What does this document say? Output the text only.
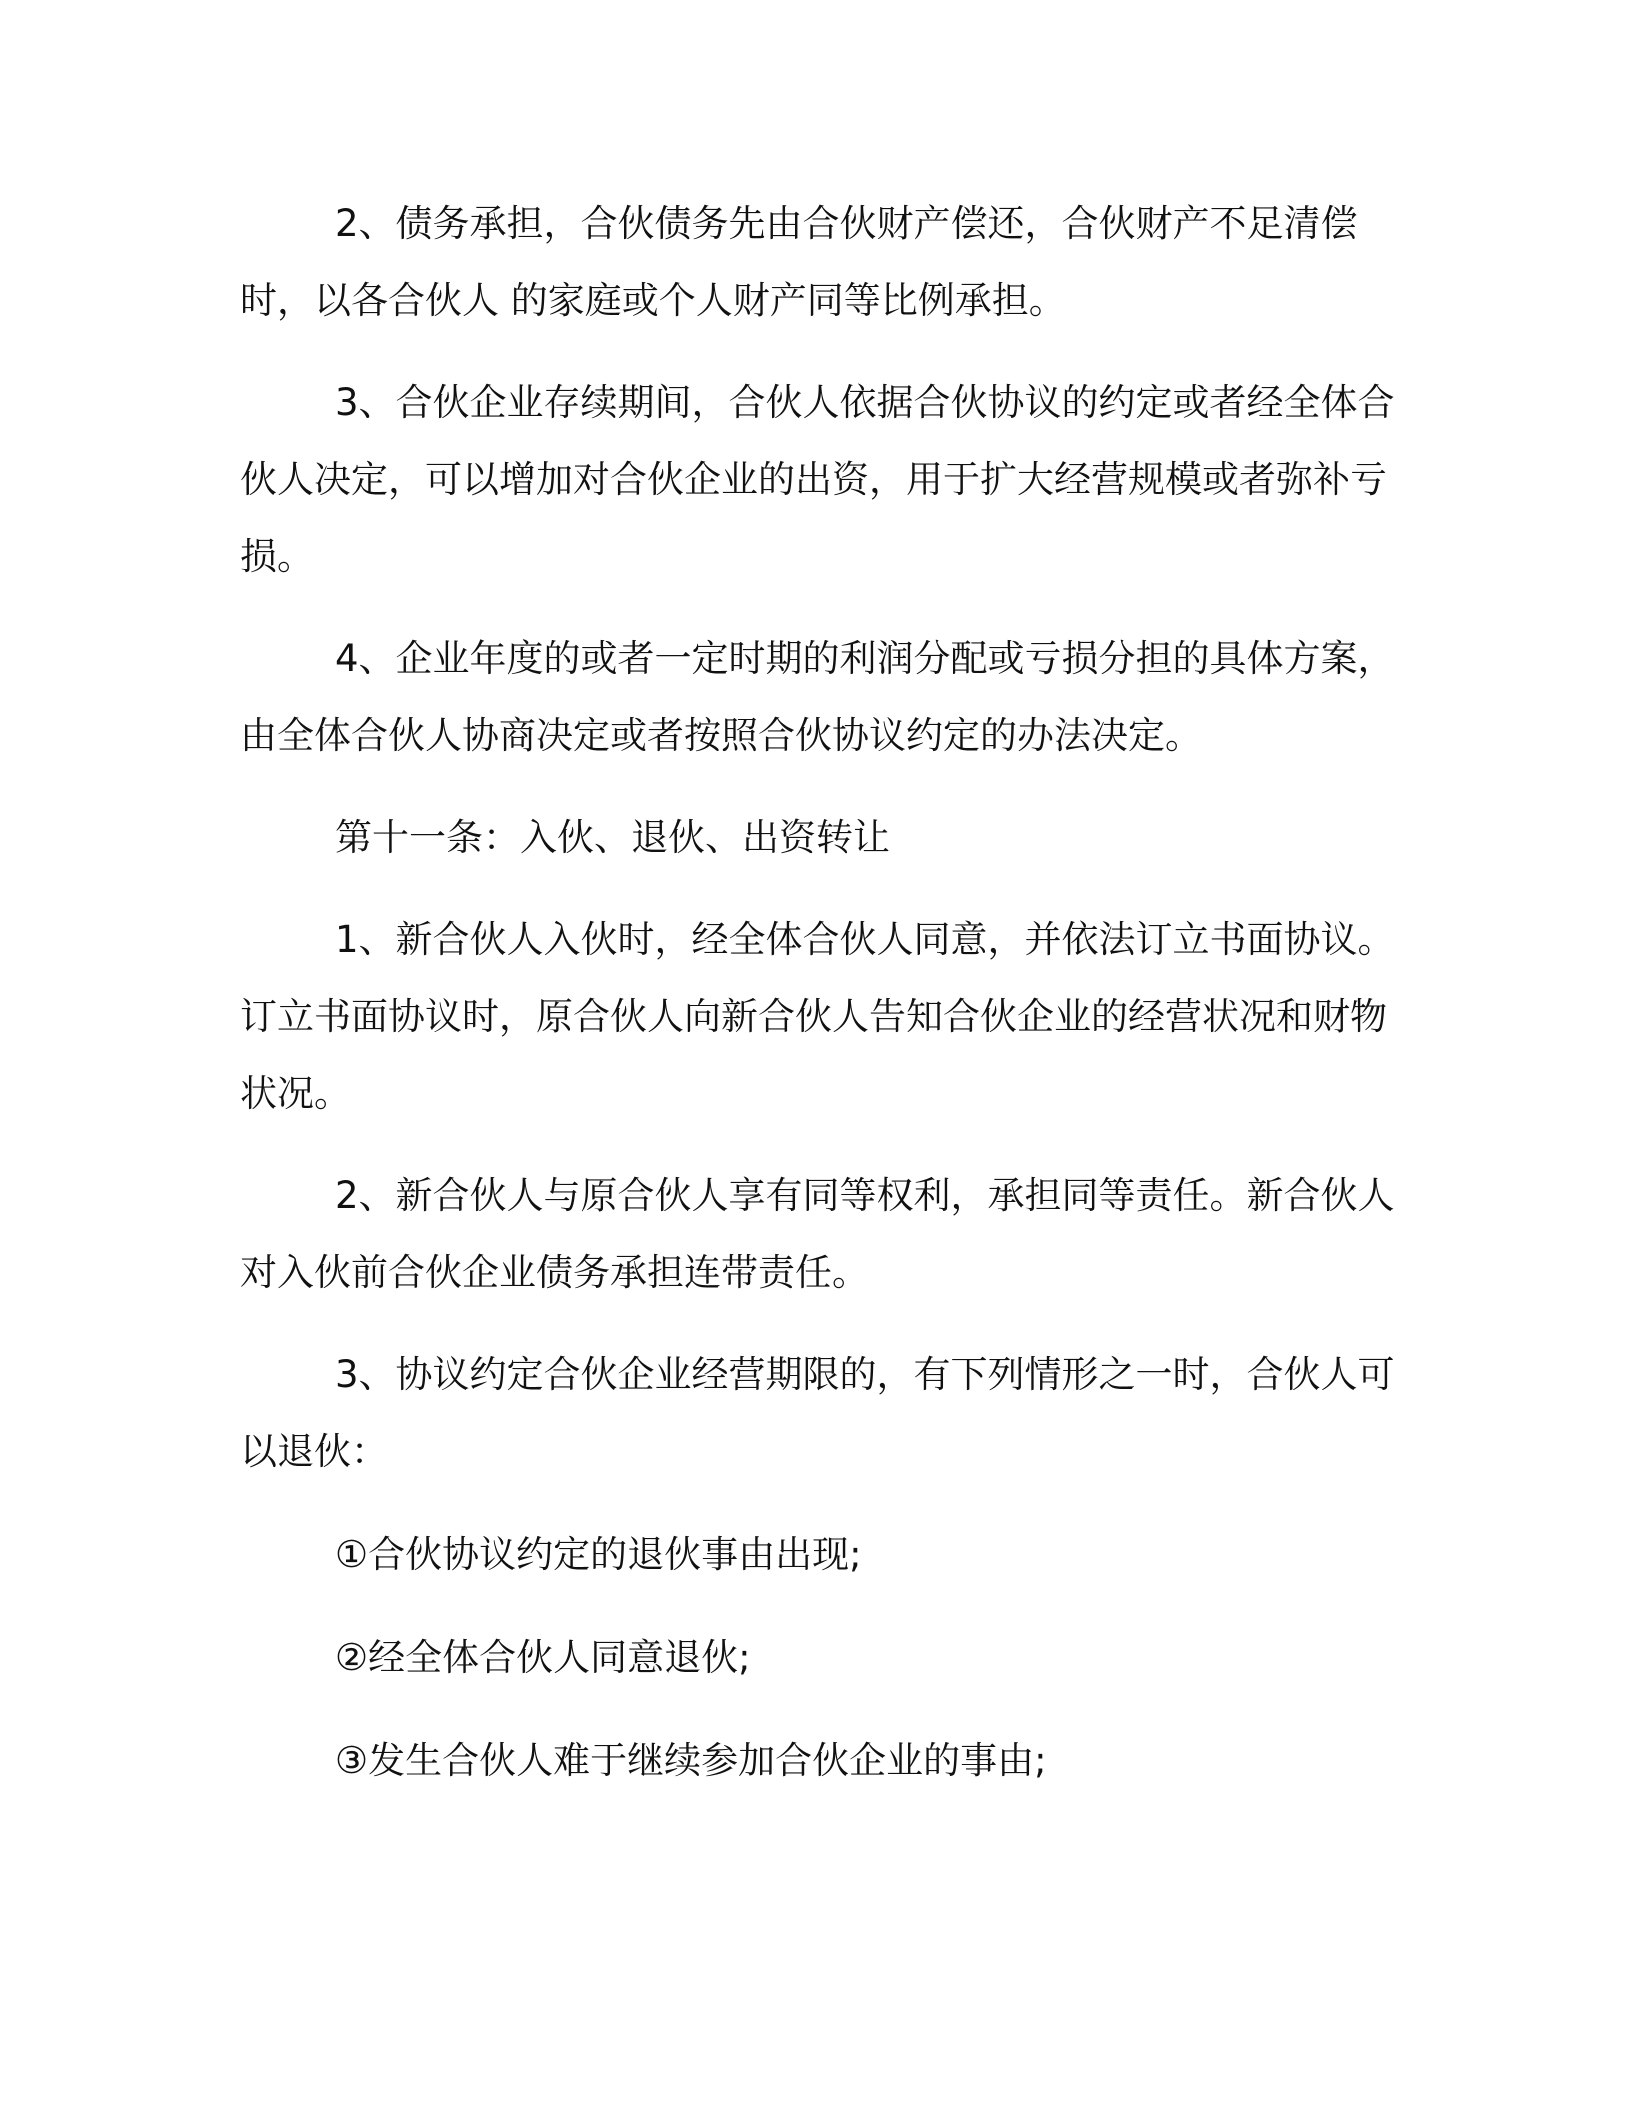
2、债务承担，合伙债务先由合伙财产偿还，合伙财产不足清偿时，以各合伙人 的家庭或个人财产同等比例承担。

3、合伙企业存续期间，合伙人依据合伙协议的约定或者经全体合伙人决定，可以增加对合伙企业的出资，用于扩大经营规模或者弥补亏损。

4、企业年度的或者一定时期的利润分配或亏损分担的具体方案，由全体合伙人协商决定或者按照合伙协议约定的办法决定。

第十一条：入伙、退伙、出资转让

1、新合伙人入伙时，经全体合伙人同意，并依法订立书面协议。订立书面协议时，原合伙人向新合伙人告知合伙企业的经营状况和财物状况。

2、新合伙人与原合伙人享有同等权利，承担同等责任。新合伙人对入伙前合伙企业债务承担连带责任。

3、协议约定合伙企业经营期限的，有下列情形之一时，合伙人可以退伙：

①合伙协议约定的退伙事由出现;

②经全体合伙人同意退伙;

③发生合伙人难于继续参加合伙企业的事由;
